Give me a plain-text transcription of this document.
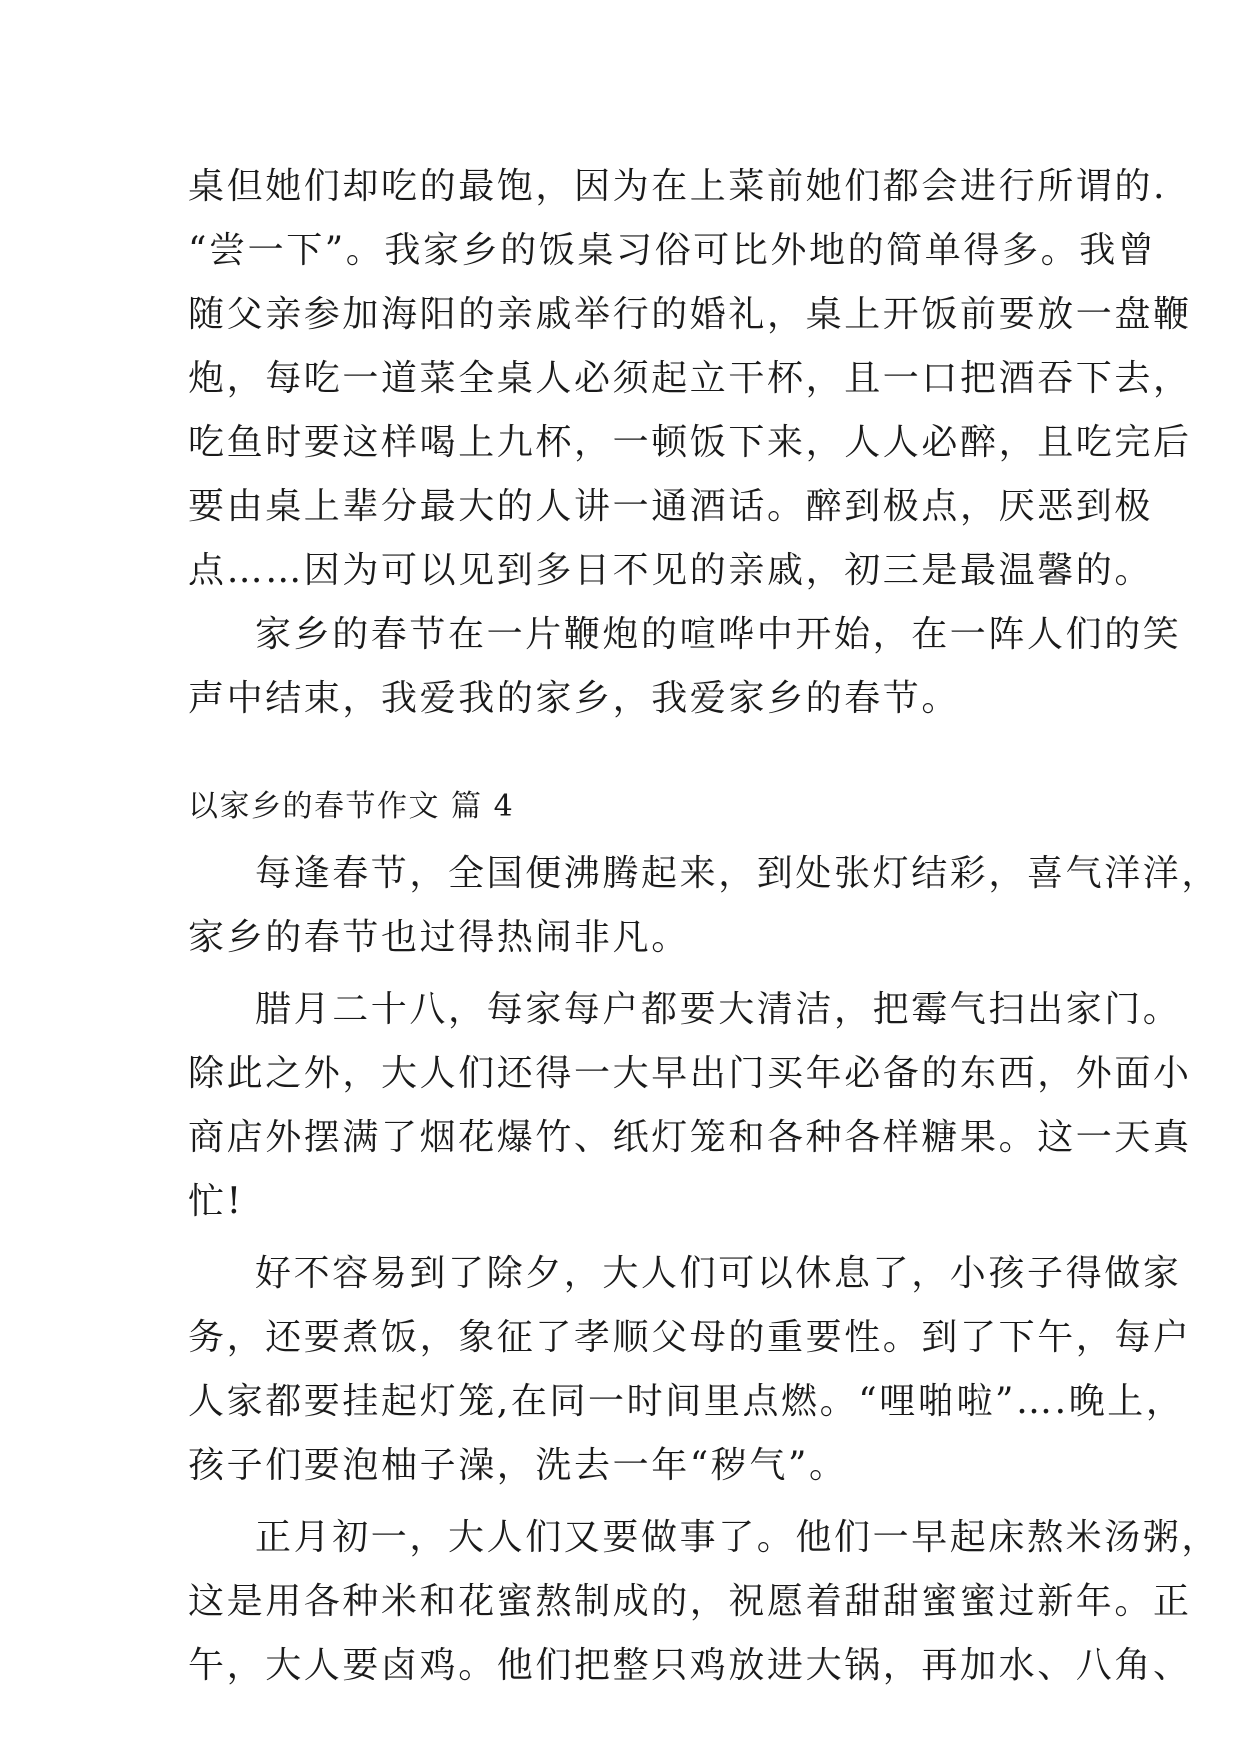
桌但她们却吃的最饱，因为在上菜前她们都会进行所谓的.
“尝一下”。我家乡的饭桌习俗可比外地的简单得多。我曾
随父亲参加海阳的亲戚举行的婚礼，桌上开饭前要放一盘鞭
炮，每吃一道菜全桌人必须起立干杯，且一口把酒吞下去，
吃鱼时要这样喝上九杯，一顿饭下来，人人必醉，且吃完后
要由桌上辈分最大的人讲一通酒话。醉到极点，厌恶到极
点……因为可以见到多日不见的亲戚，初三是最温馨的。
家乡的春节在一片鞭炮的喧哗中开始，在一阵人们的笑
声中结束，我爱我的家乡，我爱家乡的春节。
以家乡的春节作文 篇 4
每逢春节，全国便沸腾起来，到处张灯结彩，喜气洋洋，
家乡的春节也过得热闹非凡。
腊月二十八，每家每户都要大清洁，把霉气扫出家门。
除此之外，大人们还得一大早出门买年必备的东西，外面小
商店外摆满了烟花爆竹、纸灯笼和各种各样糖果。这一天真
忙!
好不容易到了除夕，大人们可以休息了，小孩子得做家
务，还要煮饭，象征了孝顺父母的重要性。到了下午，每户
人家都要挂起灯笼,在同一时间里点燃。“哩啪啦”….晚上，
孩子们要泡柚子澡，洗去一年“秽气”。
正月初一，大人们又要做事了。他们一早起床熬米汤粥，
这是用各种米和花蜜熬制成的，祝愿着甜甜蜜蜜过新年。正
午，大人要卤鸡。他们把整只鸡放进大锅，再加水、八角、
